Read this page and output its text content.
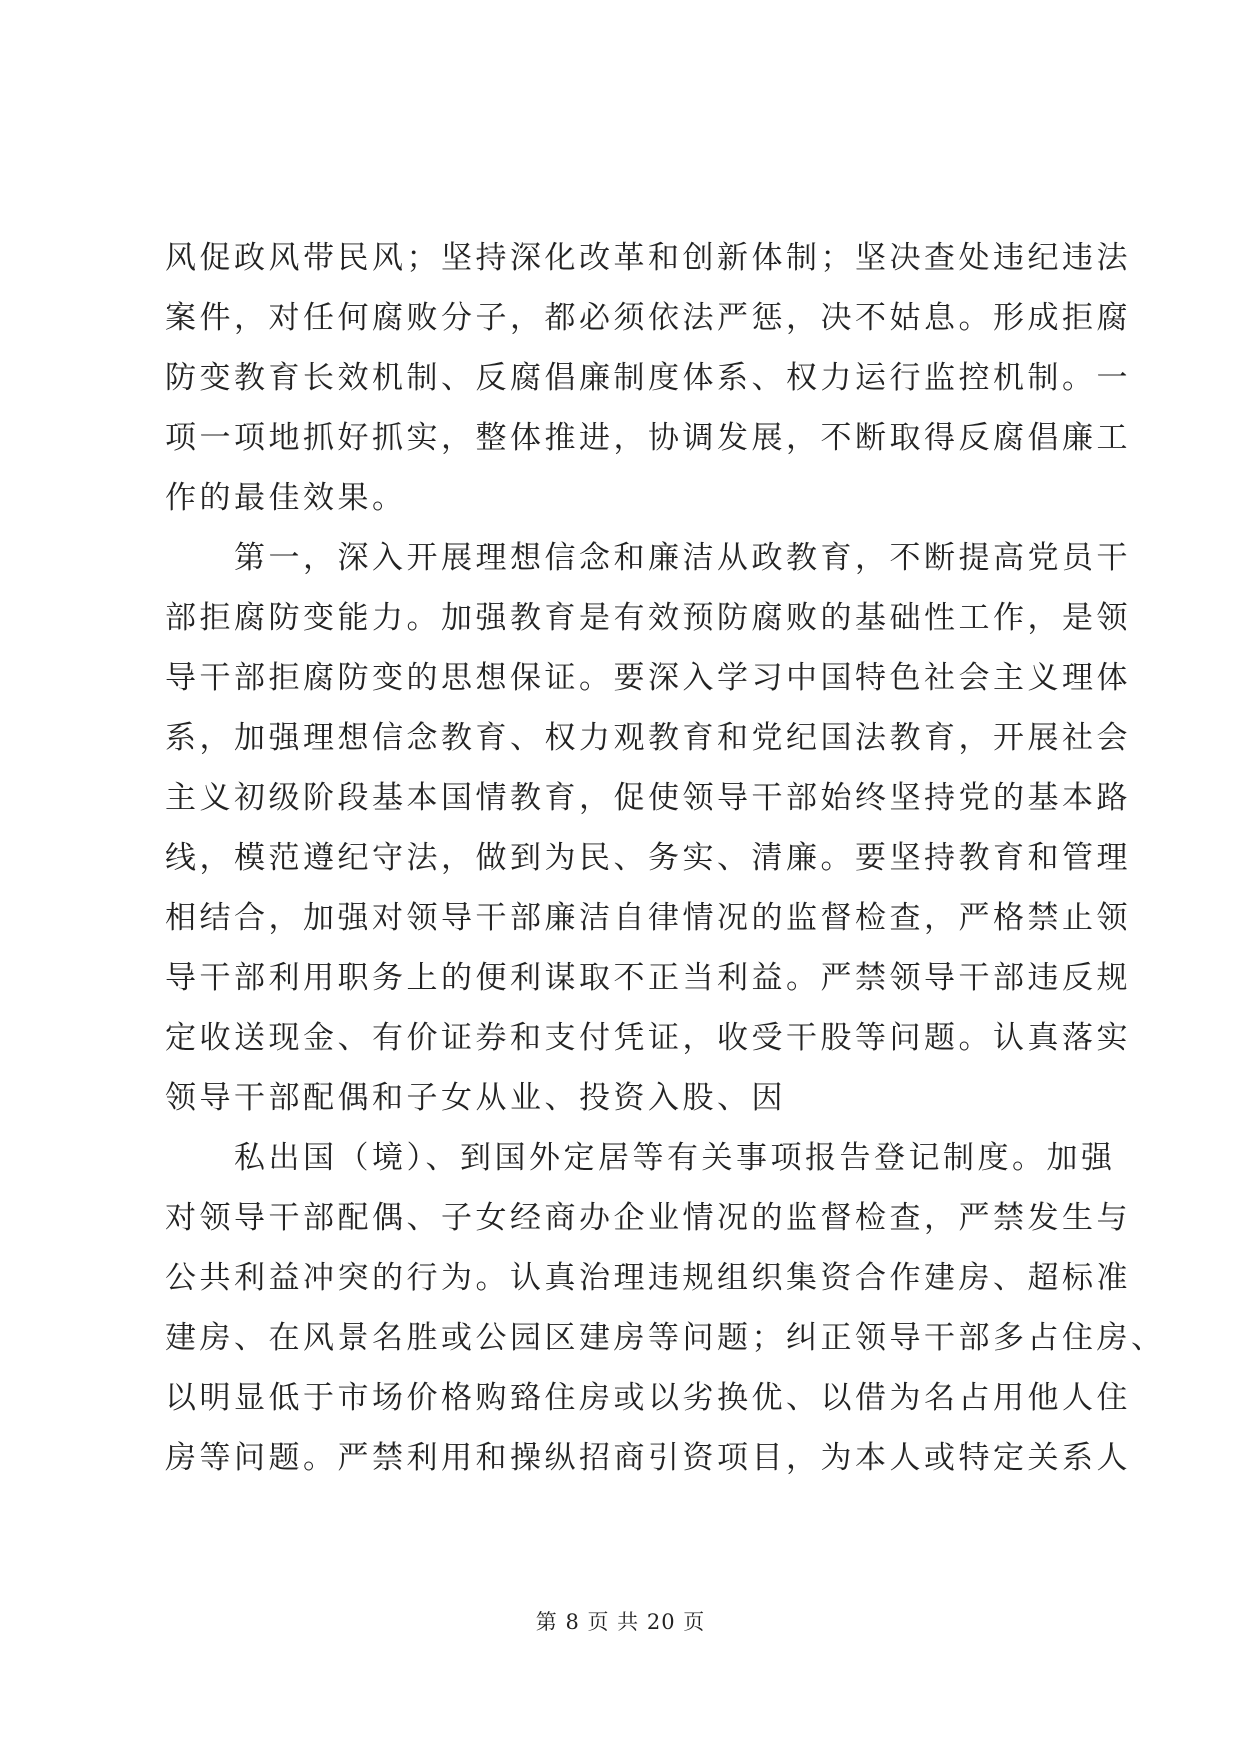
风促政风带民风；坚持深化改革和创新体制；坚决查处违纪违法
案件，对任何腐败分子，都必须依法严惩，决不姑息。形成拒腐
防变教育长效机制、反腐倡廉制度体系、权力运行监控机制。一
项一项地抓好抓实，整体推进，协调发展，不断取得反腐倡廉工
作的最佳效果。
第一，深入开展理想信念和廉洁从政教育，不断提高党员干
部拒腐防变能力。加强教育是有效预防腐败的基础性工作，是领
导干部拒腐防变的思想保证。要深入学习中国特色社会主义理体
系，加强理想信念教育、权力观教育和党纪国法教育，开展社会
主义初级阶段基本国情教育，促使领导干部始终坚持党的基本路
线，模范遵纪守法，做到为民、务实、清廉。要坚持教育和管理
相结合，加强对领导干部廉洁自律情况的监督检查，严格禁止领
导干部利用职务上的便利谋取不正当利益。严禁领导干部违反规
定收送现金、有价证券和支付凭证，收受干股等问题。认真落实
领导干部配偶和子女从业、投资入股、因
私出国（境）、到国外定居等有关事项报告登记制度。加强
对领导干部配偶、子女经商办企业情况的监督检查，严禁发生与
公共利益冲突的行为。认真治理违规组织集资合作建房、超标准
建房、在风景名胜或公园区建房等问题；纠正领导干部多占住房、
以明显低于市场价格购臵住房或以劣换优、以借为名占用他人住
房等问题。严禁利用和操纵招商引资项目，为本人或特定关系人
第 8 页 共 20 页
